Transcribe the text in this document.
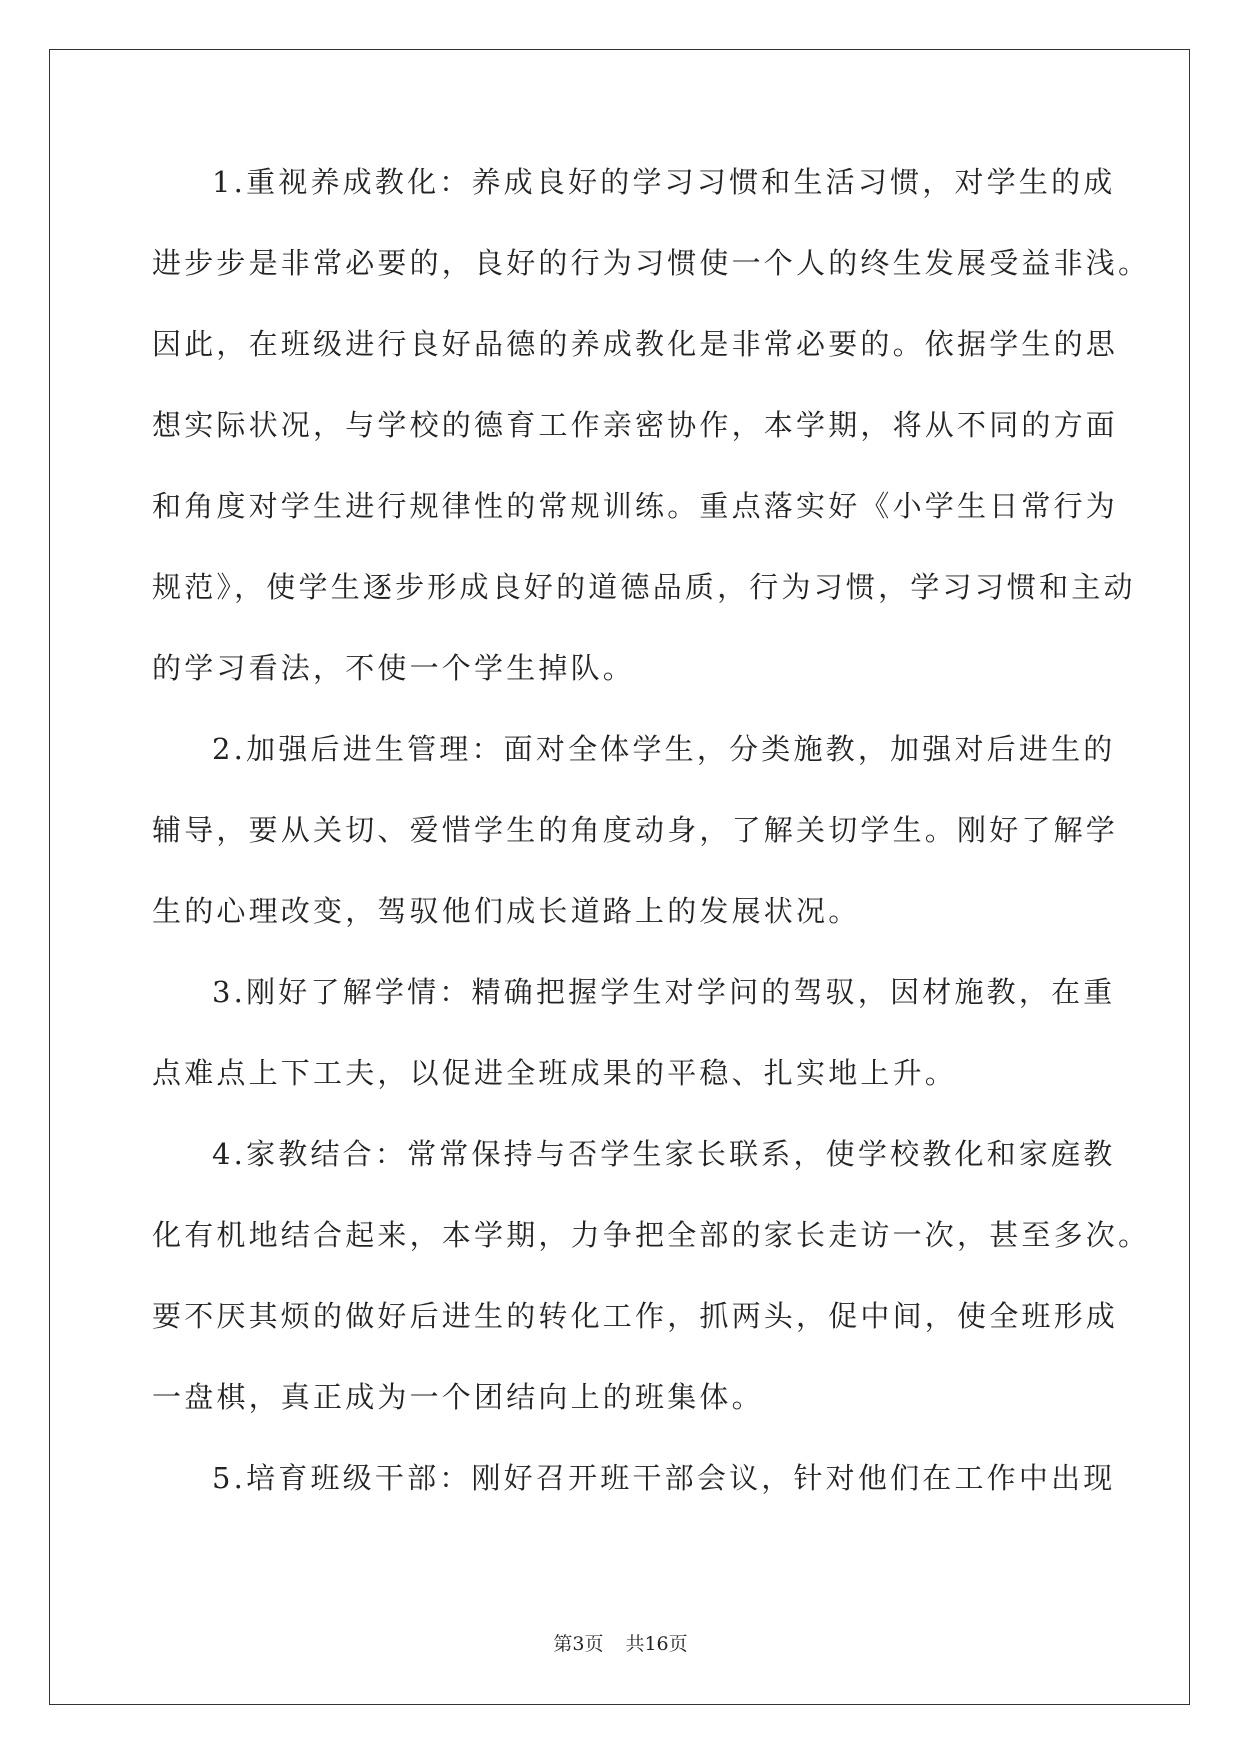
1.重视养成教化：养成良好的学习习惯和生活习惯，对学生的成
进步步是非常必要的，良好的行为习惯使一个人的终生发展受益非浅。
因此，在班级进行良好品德的养成教化是非常必要的。依据学生的思
想实际状况，与学校的德育工作亲密协作，本学期，将从不同的方面
和角度对学生进行规律性的常规训练。重点落实好《小学生日常行为
规范》，使学生逐步形成良好的道德品质，行为习惯，学习习惯和主动
的学习看法，不使一个学生掉队。
2.加强后进生管理：面对全体学生，分类施教，加强对后进生的
辅导，要从关切、爱惜学生的角度动身，了解关切学生。刚好了解学
生的心理改变，驾驭他们成长道路上的发展状况。
3.刚好了解学情：精确把握学生对学问的驾驭，因材施教，在重
点难点上下工夫，以促进全班成果的平稳、扎实地上升。
4.家教结合：常常保持与否学生家长联系，使学校教化和家庭教
化有机地结合起来，本学期，力争把全部的家长走访一次，甚至多次。
要不厌其烦的做好后进生的转化工作，抓两头，促中间，使全班形成
一盘棋，真正成为一个团结向上的班集体。
5.培育班级干部：刚好召开班干部会议，针对他们在工作中出现
第3页 共16页
